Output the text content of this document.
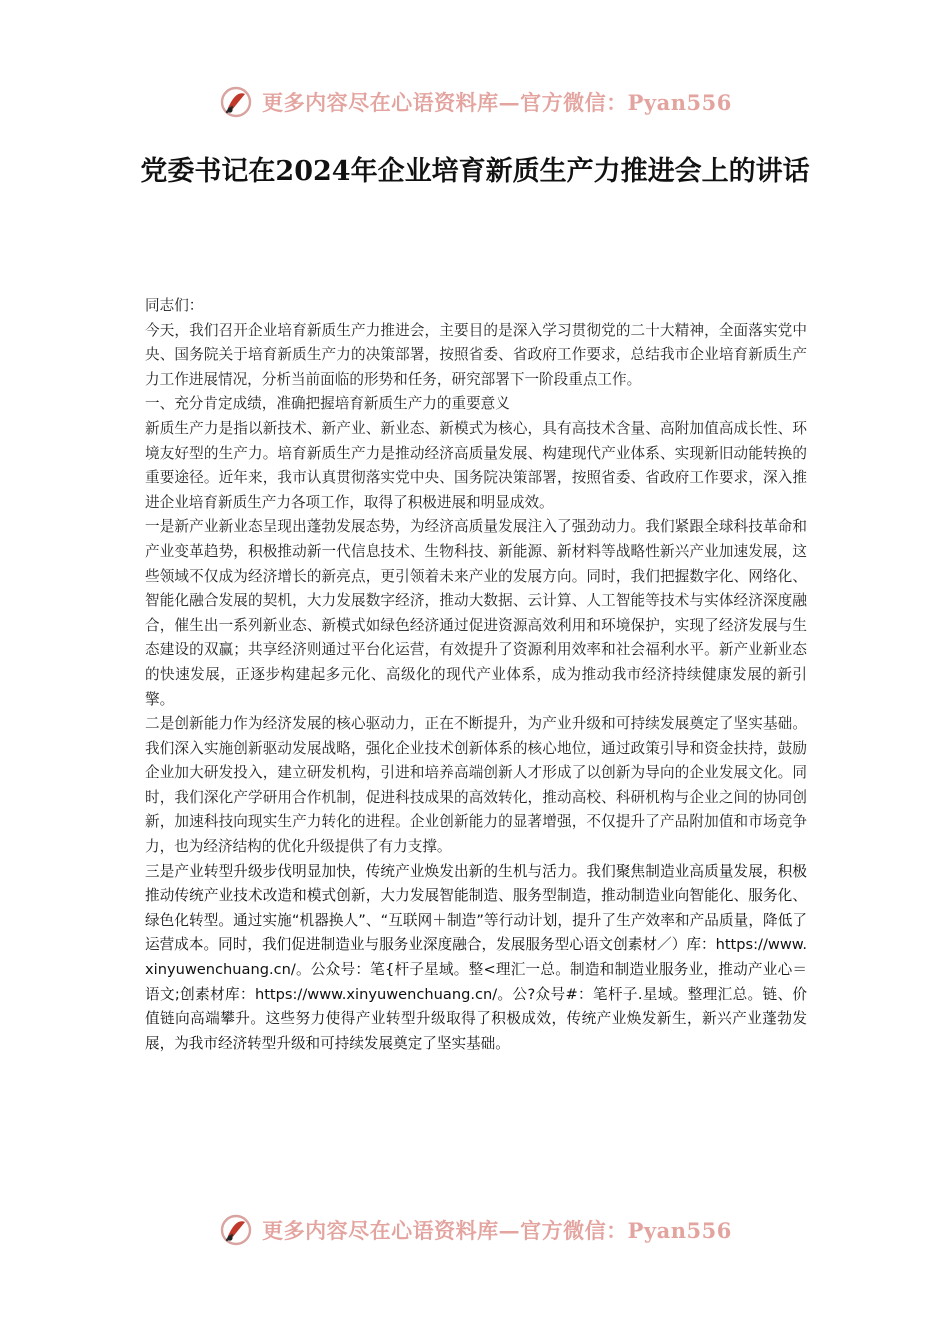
更多内容尽在心语资料库—官方微信：Pyan556
党委书记在2024年企业培育新质生产力推进会上的讲话

同志们：

今天，我们召开企业培育新质生产力推进会，主要目的是深入学习贯彻党的二十大精神，全面落实党中央、国务院关于培育新质生产力的决策部署，按照省委、省政府工作要求，总结我市企业培育新质生产力工作进展情况，分析当前面临的形势和任务，研究部署下一阶段重点工作。

一、充分肯定成绩，准确把握培育新质生产力的重要意义

新质生产力是指以新技术、新产业、新业态、新模式为核心，具有高技术含量、高附加值高成长性、环境友好型的生产力。培育新质生产力是推动经济高质量发展、构建现代产业体系、实现新旧动能转换的重要途径。近年来，我市认真贯彻落实党中央、国务院决策部署，按照省委、省政府工作要求，深入推进企业培育新质生产力各项工作，取得了积极进展和明显成效。

一是新产业新业态呈现出蓬勃发展态势，为经济高质量发展注入了强劲动力。我们紧跟全球科技革命和产业变革趋势，积极推动新一代信息技术、生物科技、新能源、新材料等战略性新兴产业加速发展，这些领域不仅成为经济增长的新亮点，更引领着未来产业的发展方向。同时，我们把握数字化、网络化、智能化融合发展的契机，大力发展数字经济，推动大数据、云计算、人工智能等技术与实体经济深度融合，催生出一系列新业态、新模式如绿色经济通过促进资源高效利用和环境保护，实现了经济发展与生态建设的双赢；共享经济则通过平台化运营，有效提升了资源利用效率和社会福利水平。新产业新业态的快速发展，正逐步构建起多元化、高级化的现代产业体系，成为推动我市经济持续健康发展的新引擎。

二是创新能力作为经济发展的核心驱动力，正在不断提升，为产业升级和可持续发展奠定了坚实基础。我们深入实施创新驱动发展战略，强化企业技术创新体系的核心地位，通过政策引导和资金扶持，鼓励企业加大研发投入，建立研发机构，引进和培养高端创新人才形成了以创新为导向的企业发展文化。同时，我们深化产学研用合作机制，促进科技成果的高效转化，推动高校、科研机构与企业之间的协同创新，加速科技向现实生产力转化的进程。企业创新能力的显著增强，不仅提升了产品附加值和市场竞争力，也为经济结构的优化升级提供了有力支撑。

三是产业转型升级步伐明显加快，传统产业焕发出新的生机与活力。我们聚焦制造业高质量发展，积极推动传统产业技术改造和模式创新，大力发展智能制造、服务型制造，推动制造业向智能化、服务化、绿色化转型。通过实施“机器换人”、“互联网＋制造”等行动计划，提升了生产效率和产品质量，降低了运营成本。同时，我们促进制造业与服务业深度融合，发展服务型心语文创素材／）库：https://www.xinyuwenchuang.cn/。公众号：笔{杆子星域。整<理汇一总。制造和制造业服务业，推动产业心＝语文;创素材库：https://www.xinyuwenchuang.cn/。公?众号#：笔杆子.星域。整理汇总。链、价值链向高端攀升。这些努力使得产业转型升级取得了积极成效，传统产业焕发新生，新兴产业蓬勃发展，为我市经济转型升级和可持续发展奠定了坚实基础。

更多内容尽在心语资料库—官方微信：Pyan556
